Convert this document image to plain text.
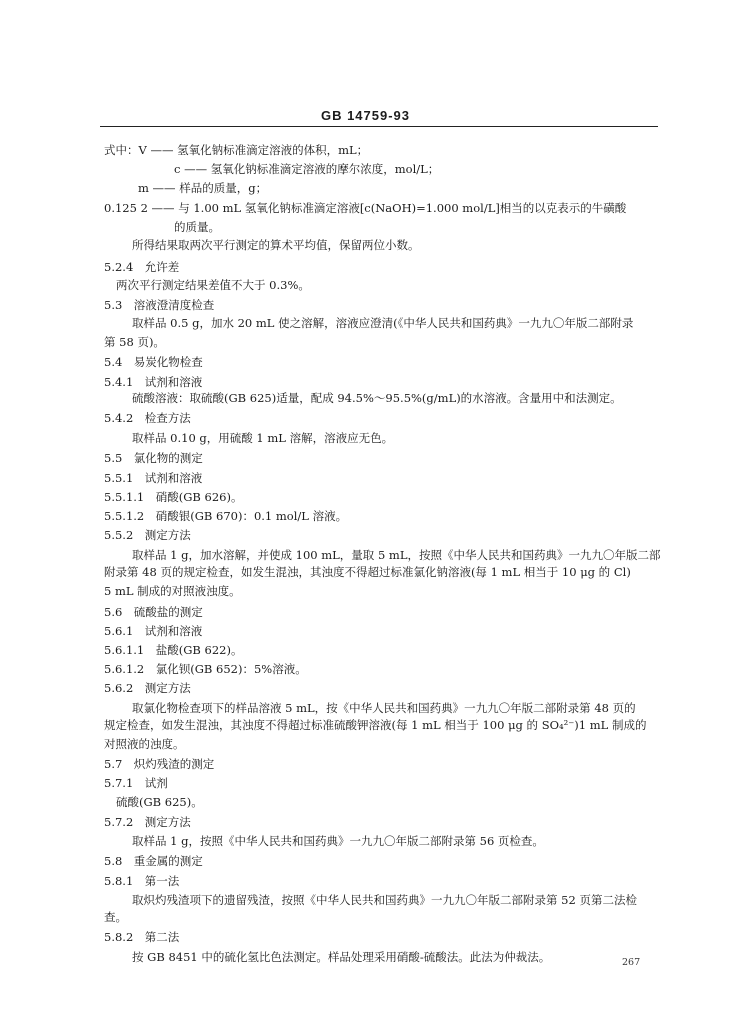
GB 14759-93
式中：V —— 氢氧化钠标准滴定溶液的体积，mL；
c —— 氢氧化钠标准滴定溶液的摩尔浓度，mol/L；
m —— 样品的质量，g；
0.125 2 —— 与 1.00 mL 氢氧化钠标准滴定溶液[c(NaOH)=1.000 mol/L]相当的以克表示的牛磺酸
的质量。
所得结果取两次平行测定的算术平均值，保留两位小数。
5.2.4　允许差
两次平行测定结果差值不大于 0.3%。
5.3　溶液澄清度检查
取样品 0.5 g，加水 20 mL 使之溶解，溶液应澄清(《中华人民共和国药典》一九九〇年版二部附录
第 58 页)。
5.4　易炭化物检查
5.4.1　试剂和溶液
硫酸溶液：取硫酸(GB 625)适量，配成 94.5%～95.5%(g/mL)的水溶液。含量用中和法测定。
5.4.2　检查方法
取样品 0.10 g，用硫酸 1 mL 溶解，溶液应无色。
5.5　氯化物的测定
5.5.1　试剂和溶液
5.5.1.1　硝酸(GB 626)。
5.5.1.2　硝酸银(GB 670)：0.1 mol/L 溶液。
5.5.2　测定方法
取样品 1 g，加水溶解，并使成 100 mL，量取 5 mL，按照《中华人民共和国药典》一九九〇年版二部
附录第 48 页的规定检查，如发生混浊，其浊度不得超过标准氯化钠溶液(每 1 mL 相当于 10 μg 的 Cl)
5 mL 制成的对照液浊度。
5.6　硫酸盐的测定
5.6.1　试剂和溶液
5.6.1.1　盐酸(GB 622)。
5.6.1.2　氯化钡(GB 652)：5%溶液。
5.6.2　测定方法
取氯化物检查项下的样品溶液 5 mL，按《中华人民共和国药典》一九九〇年版二部附录第 48 页的
规定检查，如发生混浊，其浊度不得超过标准硫酸钾溶液(每 1 mL 相当于 100 μg 的 SO₄²⁻)1 mL 制成的
对照液的浊度。
5.7　炽灼残渣的测定
5.7.1　试剂
硫酸(GB 625)。
5.7.2　测定方法
取样品 1 g，按照《中华人民共和国药典》一九九〇年版二部附录第 56 页检查。
5.8　重金属的测定
5.8.1　第一法
取炽灼残渣项下的遗留残渣，按照《中华人民共和国药典》一九九〇年版二部附录第 52 页第二法检
查。
5.8.2　第二法
按 GB 8451 中的硫化氢比色法测定。样品处理采用硝酸-硫酸法。此法为仲裁法。	267
